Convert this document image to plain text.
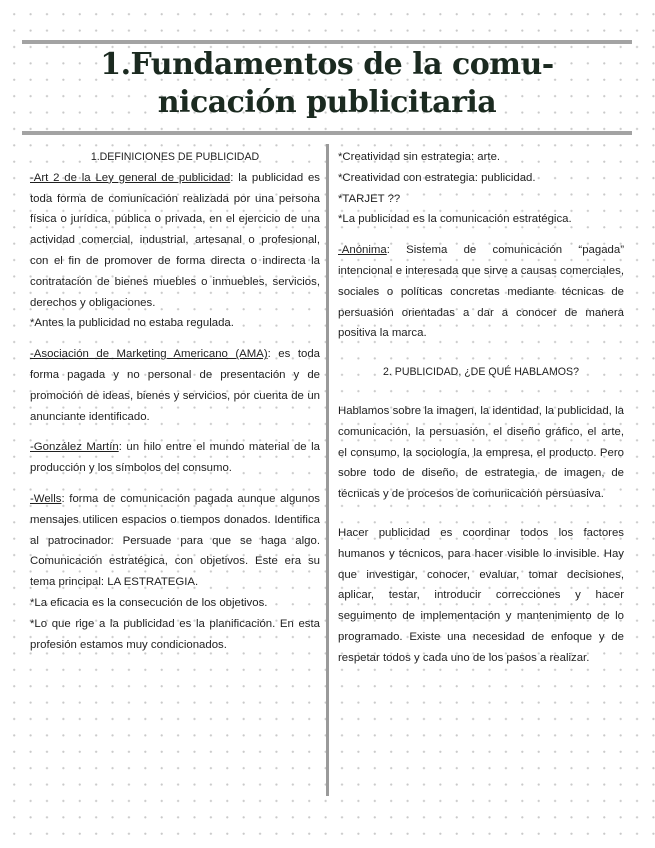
1.Fundamentos de la comu-
nicación publicitaria

1.DEFINICIONES DE PUBLICIDAD

-Art 2 de la Ley general de publicidad: la publicidad es toda forma de comunicación realizada por una persona física o jurídica, pública o privada, en el ejercicio de una actividad comercial, industrial, artesanal o profesional, con el fin de promover de forma directa o indirecta la contratación de bienes muebles o inmuebles, servicios, derechos y obligaciones.

*Antes la publicidad no estaba regulada.

-Asociación de Marketing Americano (AMA): es toda forma pagada y no personal de presentación y de promoción de ideas, bienes y servicios, por cuenta de un anunciante identificado.

-González Martín: un hilo entre el mundo material de la producción y los símbolos del consumo.

-Wells: forma de comunicación pagada aunque algunos mensajes utilicen espacios o tiempos donados. Identifica al patrocinador. Persuade para que se haga algo. Comunicación estratégica, con objetivos. Este era su tema principal: LA ESTRATEGIA.

*La eficacia es la consecución de los objetivos.

*Lo que rige a la publicidad es la planificación. En esta profesión estamos muy condicionados.

*Creatividad sin estrategia: arte.

*Creatividad con estrategia: publicidad.

*TARJET ??

*La publicidad es la comunicación estratégica.

-Anónima: Sistema de comunicación “pagada” intencional e interesada que sirve a causas comerciales, sociales o políticas concretas mediante técnicas de persuasión orientadas a dar a conocer de manera positiva la marca.

2. PUBLICIDAD, ¿DE QUÉ HABLAMOS?

Hablamos sobre la imagen, la identidad, la publicidad, la comunicación, la persuasión, el diseño gráfico, el arte, el consumo, la sociología, la empresa, el producto. Pero sobre todo de diseño, de estrategia, de imagen, de técnicas y de procesos de comunicación persuasiva.

Hacer publicidad es coordinar todos los factores humanos y técnicos, para hacer visible lo invisible. Hay que investigar, conocer, evaluar, tomar decisiones, aplicar, testar, introducir correcciones y hacer seguimento de implementación y mantenimiento de lo programado. Existe una necesidad de enfoque y de respetar todos y cada uno de los pasos a realizar.
